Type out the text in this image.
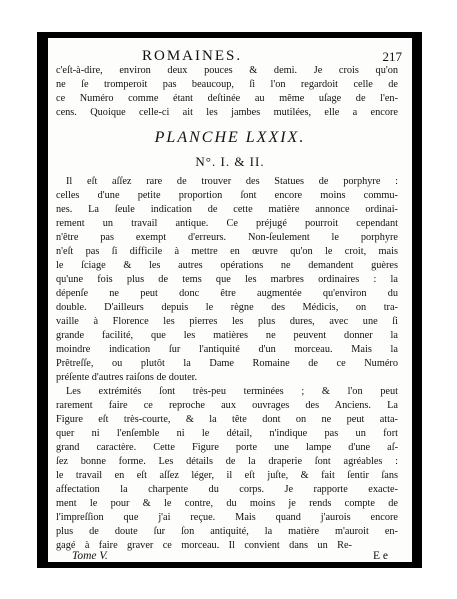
ROMAINES.	217
c'eſt-à-dire, environ deux pouces & demi. Je crois qu'on
ne ſe tromperoit pas beaucoup, ſi l'on regardoit celle de
ce Numéro comme étant deſtinée au même uſage de l'en-
cens. Quoique celle-ci ait les jambes mutilées, elle a encore
PLANCHE LXXIX.
N°. I. & II.
Il eſt aſſez rare de trouver des Statues de porphyre :
celles d'une petite proportion ſont encore moins commu-
nes. La ſeule indication de cette matière annonce ordinai-
rement un travail antique. Ce préjugé pourroit cependant
n'être pas exempt d'erreurs. Non-ſeulement le porphyre
n'eſt pas ſi difficile à mettre en œuvre qu'on le croit, mais
le ſciage & les autres opérations ne demandent guères
qu'une fois plus de tems que les marbres ordinaires : la
dépenſe ne peut donc être augmentée qu'environ du
double. D'ailleurs depuis le règne des Médicis, on tra-
vaille à Florence les pierres les plus dures, avec une ſi
grande facilité, que les matières ne peuvent donner la
moindre indication ſur l'antiquité d'un morceau. Mais la
Prêtreſſe, ou plutôt la Dame Romaine de ce Numéro
préſente d'autres raiſons de douter.
Les extrémités ſont très-peu terminées ; & l'on peut
rarement faire ce reproche aux ouvrages des Anciens. La
Figure eſt très-courte, & la tête dont on ne peut atta-
quer ni l'enſemble ni le détail, n'indique pas un fort
grand caractère. Cette Figure porte une lampe d'une aſ-
ſez bonne forme. Les détails de la draperie ſont agréables :
le travail en eſt aſſez léger, il eſt juſte, & fait ſentir ſans
affectation la charpente du corps. Je rapporte exacte-
ment le pour & le contre, du moins je rends compte de
l'impreſſion que j'ai reçue. Mais quand j'aurois encore
plus de doute ſur ſon antiquité, la matière m'auroit en-
gagé à faire graver ce morceau. Il convient dans un Re-
Tome V.	E e
